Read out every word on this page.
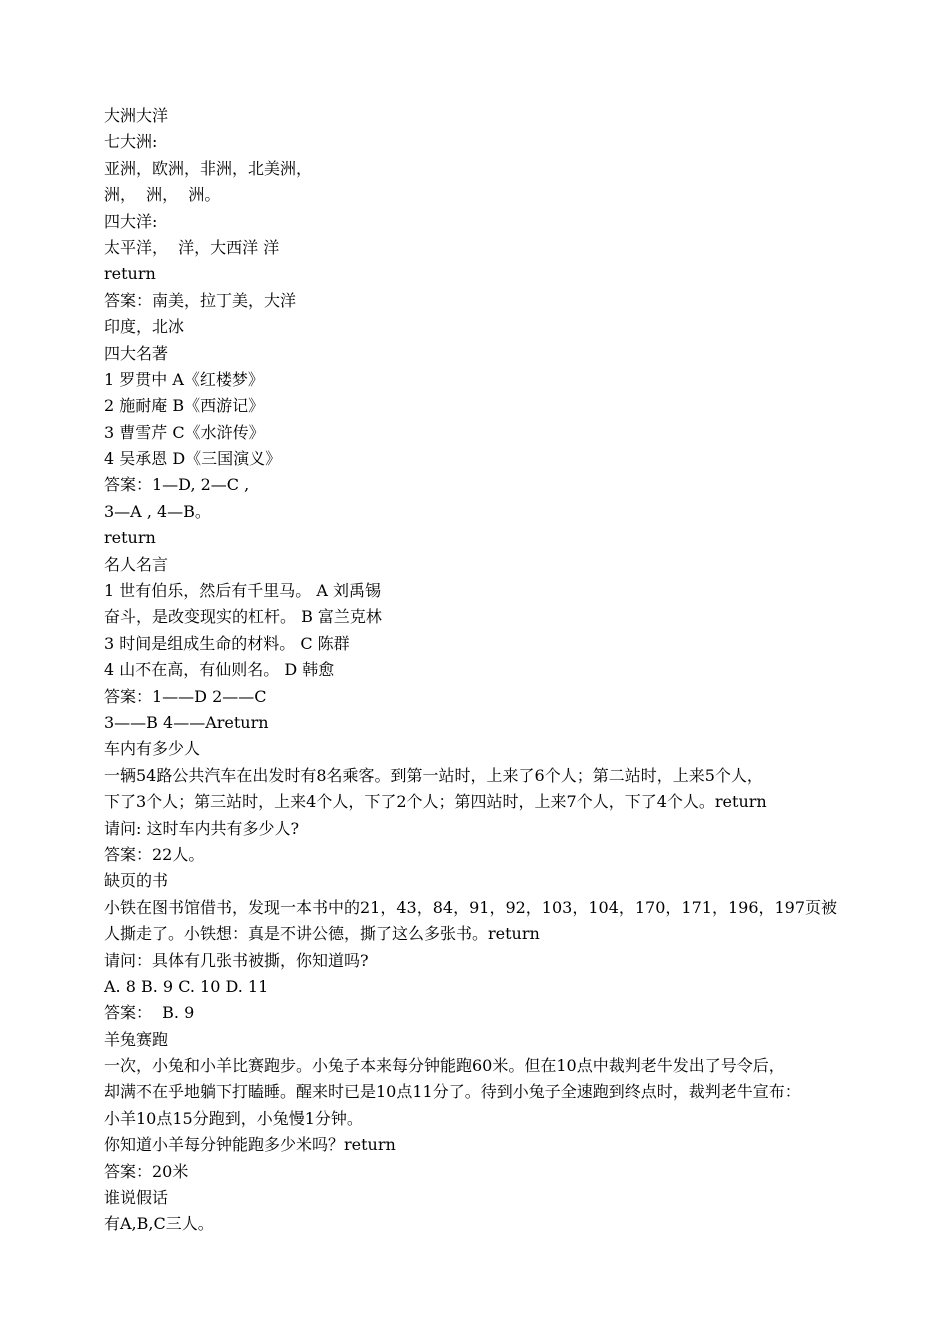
大洲大洋
七大洲:
亚洲，欧洲，非洲，北美洲，
洲，  洲，  洲。
四大洋:
太平洋，  洋，大西洋 洋
return
答案：南美，拉丁美，大洋
印度，北冰
四大名著
1 罗贯中 A《红楼梦》
2 施耐庵 B《西游记》
3 曹雪芹 C《水浒传》
4 吴承恩 D《三国演义》
答案：1—D, 2—C ,
3—A , 4—B。
return
名人名言
1 世有伯乐，然后有千里马。 A 刘禹锡
奋斗，是改变现实的杠杆。 B 富兰克林
3 时间是组成生命的材料。 C 陈群
4 山不在高，有仙则名。 D 韩愈
答案：1——D 2——C
3——B 4——Areturn
车内有多少人
一辆54路公共汽车在出发时有8名乘客。到第一站时，上来了6个人；第二站时，上来5个人，
下了3个人；第三站时，上来4个人，下了2个人；第四站时，上来7个人，下了4个人。return
请问: 这时车内共有多少人?
答案：22人。
缺页的书
小铁在图书馆借书，发现一本书中的21，43，84，91，92，103，104，170，171，196，197页被
人撕走了。小铁想：真是不讲公德，撕了这么多张书。return
请问：具体有几张书被撕，你知道吗?
A. 8 B. 9 C. 10 D. 11
答案：  B. 9
羊兔赛跑
一次，小兔和小羊比赛跑步。小兔子本来每分钟能跑60米。但在10点中裁判老牛发出了号令后，
却满不在乎地躺下打瞌睡。醒来时已是10点11分了。待到小兔子全速跑到终点时，裁判老牛宣布：
小羊10点15分跑到，小兔慢1分钟。
你知道小羊每分钟能跑多少米吗？return
答案：20米
谁说假话
有A,B,C三人。
